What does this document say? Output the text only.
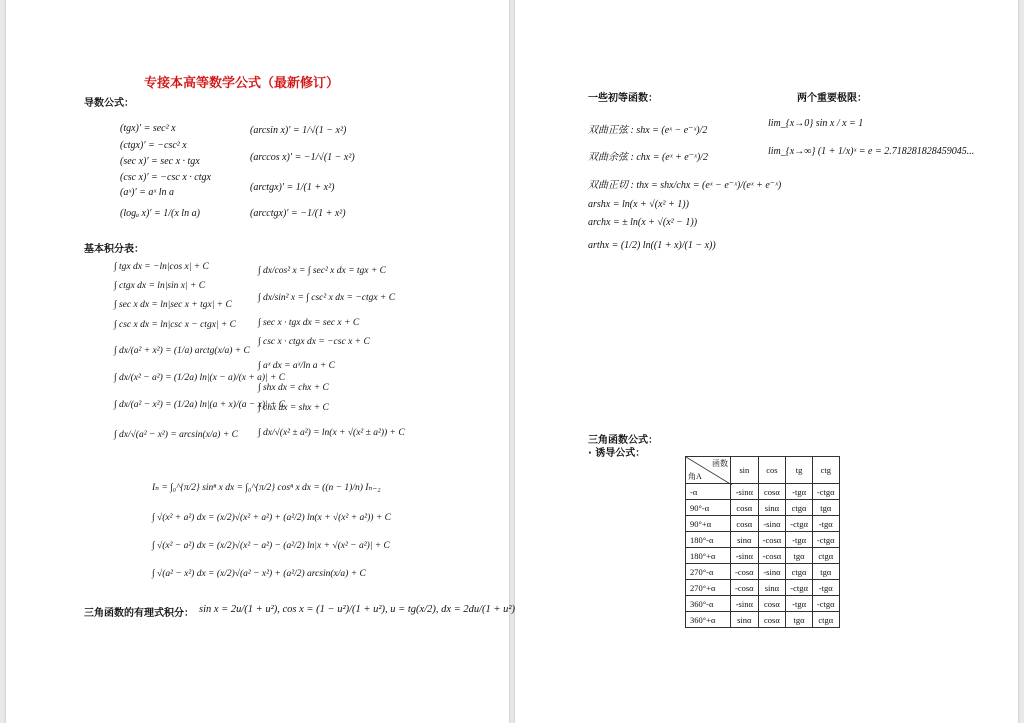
专接本高等数学公式（最新修订）
导数公式：
(tgx)′ = sec² x
(ctgx)′ = −csc² x
(sec x)′ = sec x · tgx
(csc x)′ = −csc x · ctgx
(aˣ)′ = aˣ ln a
(logₐ x)′ = 1/(x ln a)
(arcsin x)′ = 1/√(1 − x²)
(arccos x)′ = −1/√(1 − x²)
(arctgx)′ = 1/(1 + x²)
(arcctgx)′ = −1/(1 + x²)
基本积分表：
∫ tgx dx = −ln|cos x| + C
∫ ctgx dx = ln|sin x| + C
∫ sec x dx = ln|sec x + tgx| + C
∫ csc x dx = ln|csc x − ctgx| + C
∫ dx/(a² + x²) = (1/a) arctg(x/a) + C
∫ dx/(x² − a²) = (1/2a) ln|(x − a)/(x + a)| + C
∫ dx/(a² − x²) = (1/2a) ln|(a + x)/(a − x)| + C
∫ dx/√(a² − x²) = arcsin(x/a) + C
∫ dx/cos² x = ∫ sec² x dx = tgx + C
∫ dx/sin² x = ∫ csc² x dx = −ctgx + C
∫ sec x · tgx dx = sec x + C
∫ csc x · ctgx dx = −csc x + C
∫ aˣ dx = aˣ/ln a + C
∫ shx dx = chx + C
∫ chx dx = shx + C
∫ dx/√(x² ± a²) = ln(x + √(x² ± a²)) + C
Iₙ = ∫₀^{π/2} sinⁿ x dx = ∫₀^{π/2} cosⁿ x dx = ((n − 1)/n) Iₙ₋₂
∫ √(x² + a²) dx = (x/2)√(x² + a²) + (a²/2) ln(x + √(x² + a²)) + C
∫ √(x² − a²) dx = (x/2)√(x² − a²) − (a²/2) ln|x + √(x² − a²)| + C
∫ √(a² − x²) dx = (x/2)√(a² − x²) + (a²/2) arcsin(x/a) + C
三角函数的有理式积分： sin x = 2u/(1 + u²), cos x = (1 − u²)/(1 + u²), u = tg(x/2), dx = 2du/(1 + u²)
一些初等函数：
双曲正弦 : shx = (eˣ − e⁻ˣ)/2
双曲余弦 : chx = (eˣ + e⁻ˣ)/2
双曲正切 : thx = shx/chx = (eˣ − e⁻ˣ)/(eˣ + e⁻ˣ)
arshx = ln(x + √(x² + 1))
archx = ± ln(x + √(x² − 1))
arthx = (1/2) ln((1 + x)/(1 − x))
两个重要极限：
lim_{x→0} sin x / x = 1
lim_{x→∞} (1 + 1/x)ˣ = e = 2.718281828459045...
三角函数公式：
· 诱导公式：
函数
角A	sin	cos	tg	ctg
-α	-sinα	cosα	-tgα	-ctgα
90°-α	cosα	sinα	ctgα	tgα
90°+α	cosα	-sinα	-ctgα	-tgα
180°-α	sinα	-cosα	-tgα	-ctgα
180°+α	-sinα	-cosα	tgα	ctgα
270°-α	-cosα	-sinα	ctgα	tgα
270°+α	-cosα	sinα	-ctgα	-tgα
360°-α	-sinα	cosα	-tgα	-ctgα
360°+α	sinα	cosα	tgα	ctgα
